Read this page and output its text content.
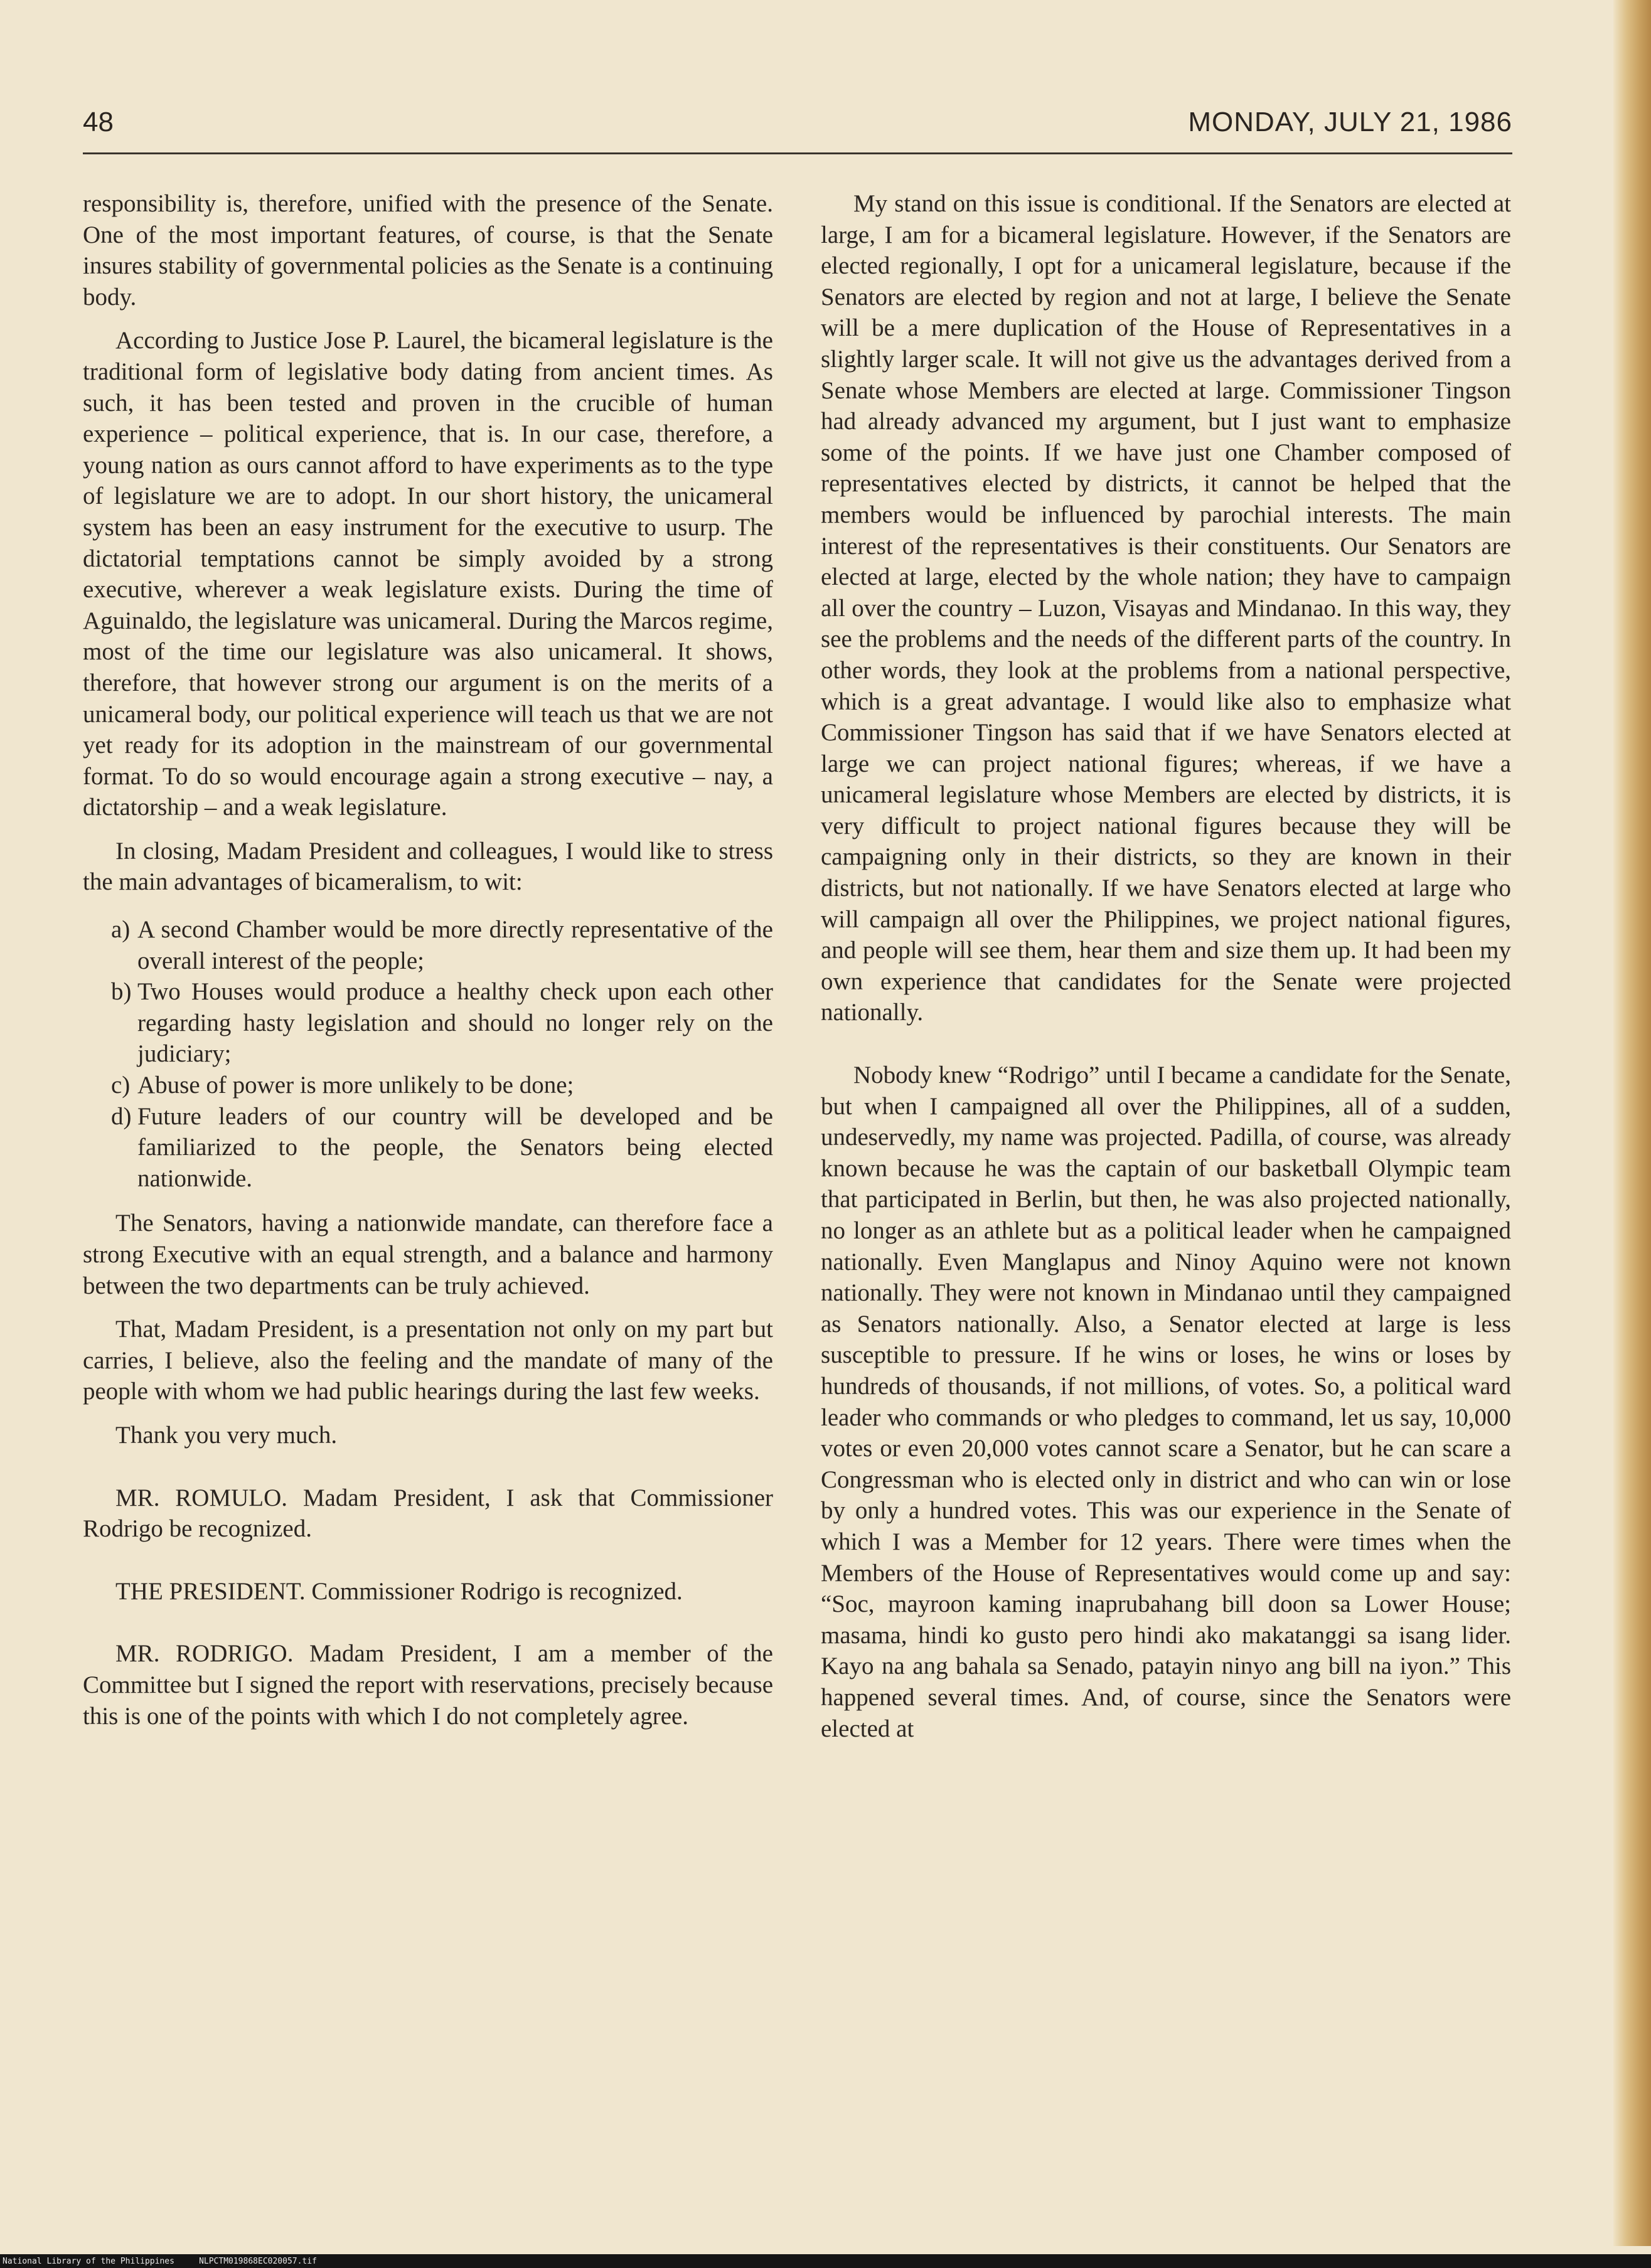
48	MONDAY, JULY 21, 1986

responsibility is, therefore, unified with the presence of the Senate. One of the most important features, of course, is that the Senate insures stability of governmental policies as the Senate is a continuing body.

According to Justice Jose P. Laurel, the bicameral legislature is the traditional form of legislative body dating from ancient times. As such, it has been tested and proven in the crucible of human experience – political experience, that is. In our case, therefore, a young nation as ours cannot afford to have experiments as to the type of legislature we are to adopt. In our short history, the unicameral system has been an easy instrument for the executive to usurp. The dictatorial temptations cannot be simply avoided by a strong executive, wherever a weak legislature exists. During the time of Aguinaldo, the legislature was unicameral. During the Marcos regime, most of the time our legislature was also unicameral. It shows, therefore, that however strong our argument is on the merits of a unicameral body, our political experience will teach us that we are not yet ready for its adoption in the mainstream of our governmental format. To do so would encourage again a strong executive – nay, a dictatorship – and a weak legislature.

In closing, Madam President and colleagues, I would like to stress the main advantages of bicameralism, to wit:

a) A second Chamber would be more directly representative of the overall interest of the people;
b) Two Houses would produce a healthy check upon each other regarding hasty legislation and should no longer rely on the judiciary;
c) Abuse of power is more unlikely to be done;
d) Future leaders of our country will be developed and be familiarized to the people, the Senators being elected nationwide.

The Senators, having a nationwide mandate, can therefore face a strong Executive with an equal strength, and a balance and harmony between the two departments can be truly achieved.

That, Madam President, is a presentation not only on my part but carries, I believe, also the feeling and the mandate of many of the people with whom we had public hearings during the last few weeks.

Thank you very much.

MR. ROMULO. Madam President, I ask that Commissioner Rodrigo be recognized.

THE PRESIDENT. Commissioner Rodrigo is recognized.

MR. RODRIGO. Madam President, I am a member of the Committee but I signed the report with reservations, precisely because this is one of the points with which I do not completely agree.

My stand on this issue is conditional. If the Senators are elected at large, I am for a bicameral legislature. However, if the Senators are elected regionally, I opt for a unicameral legislature, because if the Senators are elected by region and not at large, I believe the Senate will be a mere duplication of the House of Representatives in a slightly larger scale. It will not give us the advantages derived from a Senate whose Members are elected at large. Commissioner Tingson had already advanced my argument, but I just want to emphasize some of the points. If we have just one Chamber composed of representatives elected by districts, it cannot be helped that the members would be influenced by parochial interests. The main interest of the representatives is their constituents. Our Senators are elected at large, elected by the whole nation; they have to campaign all over the country – Luzon, Visayas and Mindanao. In this way, they see the problems and the needs of the different parts of the country. In other words, they look at the problems from a national perspective, which is a great advantage. I would like also to emphasize what Commissioner Tingson has said that if we have Senators elected at large we can project national figures; whereas, if we have a unicameral legislature whose Members are elected by districts, it is very difficult to project national figures because they will be campaigning only in their districts, so they are known in their districts, but not nationally. If we have Senators elected at large who will campaign all over the Philippines, we project national figures, and people will see them, hear them and size them up. It had been my own experience that candidates for the Senate were projected nationally.

Nobody knew “Rodrigo” until I became a candidate for the Senate, but when I campaigned all over the Philippines, all of a sudden, undeservedly, my name was projected. Padilla, of course, was already known because he was the captain of our basketball Olympic team that participated in Berlin, but then, he was also projected nationally, no longer as an athlete but as a political leader when he campaigned nationally. Even Manglapus and Ninoy Aquino were not known nationally. They were not known in Mindanao until they campaigned as Senators nationally. Also, a Senator elected at large is less susceptible to pressure. If he wins or loses, he wins or loses by hundreds of thousands, if not millions, of votes. So, a political ward leader who commands or who pledges to command, let us say, 10,000 votes or even 20,000 votes cannot scare a Senator, but he can scare a Congressman who is elected only in district and who can win or lose by only a hundred votes. This was our experience in the Senate of which I was a Member for 12 years. There were times when the Members of the House of Representatives would come up and say: “Soc, mayroon kaming inaprubahang bill doon sa Lower House; masama, hindi ko gusto pero hindi ako makatanggi sa isang lider. Kayo na ang bahala sa Senado, patayin ninyo ang bill na iyon.” This happened several times. And, of course, since the Senators were elected at

National Library of the Philippines     NLPCTM019868EC020057.tif
